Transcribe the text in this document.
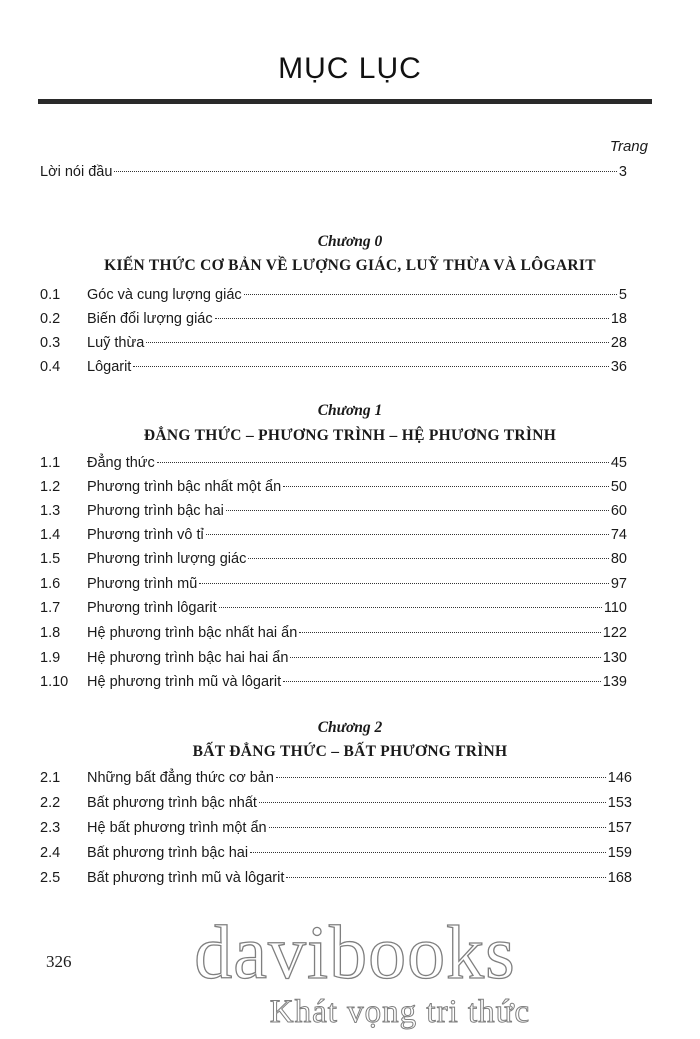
MỤC LỤC
Trang
Lời nói đầu	3
Chương 0
KIẾN THỨC CƠ BẢN VỀ LƯỢNG GIÁC, LUỸ THỪA VÀ LÔGARIT
0.1	Góc và cung lượng giác	5
0.2	Biến đổi lượng giác	18
0.3	Luỹ thừa	28
0.4	Lôgarit	36
Chương 1
ĐẲNG THỨC – PHƯƠNG TRÌNH – HỆ PHƯƠNG TRÌNH
1.1	Đẳng thức	45
1.2	Phương trình bậc nhất một ẩn	50
1.3	Phương trình bậc hai	60
1.4	Phương trình vô tỉ	74
1.5	Phương trình lượng giác	80
1.6	Phương trình mũ	97
1.7	Phương trình lôgarit	110
1.8	Hệ phương trình bậc nhất hai ẩn	122
1.9	Hệ phương trình bậc hai hai ẩn	130
1.10	Hệ phương trình mũ và lôgarit	139
Chương 2
BẤT ĐẲNG THỨC – BẤT PHƯƠNG TRÌNH
2.1	Những bất đẳng thức cơ bản	146
2.2	Bất phương trình bậc nhất	153
2.3	Hệ bất phương trình một ẩn	157
2.4	Bất phương trình bậc hai	159
2.5	Bất phương trình mũ và lôgarit	168
326	davibooks
Khát vọng tri thức
